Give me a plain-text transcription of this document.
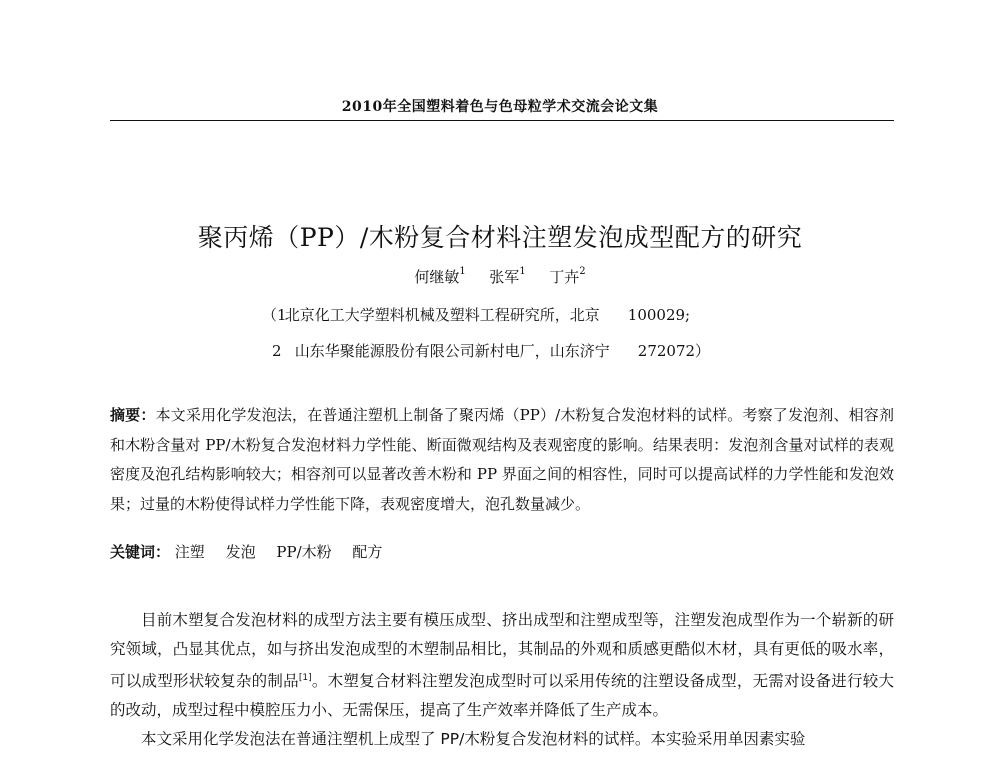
2010年全国塑料着色与色母粒学术交流会论文集
聚丙烯（PP）/木粉复合材料注塑发泡成型配方的研究
何继敏$^1$ 张军$^1$ 丁卉$^2$
（1 北京化工大学塑料机械及塑料工程研究所，北京 100029;
2 山东华聚能源股份有限公司新村电厂，山东济宁 272072）
摘要：本文采用化学发泡法，在普通注塑机上制备了聚丙烯（PP）/木粉复合发泡材料的试样。考察了发泡剂、相容剂和木粉含量对 PP/木粉复合发泡材料力学性能、断面微观结构及表观密度的影响。结果表明：发泡剂含量对试样的表观密度及泡孔结构影响较大；相容剂可以显著改善木粉和 PP 界面之间的相容性，同时可以提高试样的力学性能和发泡效果；过量的木粉使得试样力学性能下降，表观密度增大，泡孔数量减少。
关键词： 注塑 发泡 PP/木粉 配方

目前木塑复合发泡材料的成型方法主要有模压成型、挤出成型和注塑成型等，注塑发泡成型作为一个崭新的研究领域，凸显其优点，如与挤出发泡成型的木塑制品相比，其制品的外观和质感更酷似木材，具有更低的吸水率，可以成型形状较复杂的制品[1]。木塑复合材料注塑发泡成型时可以采用传统的注塑设备成型，无需对设备进行较大的改动，成型过程中模腔压力小、无需保压，提高了生产效率并降低了生产成本。

本文采用化学发泡法在普通注塑机上成型了 PP/木粉复合发泡材料的试样。本实验采用单因素实验
